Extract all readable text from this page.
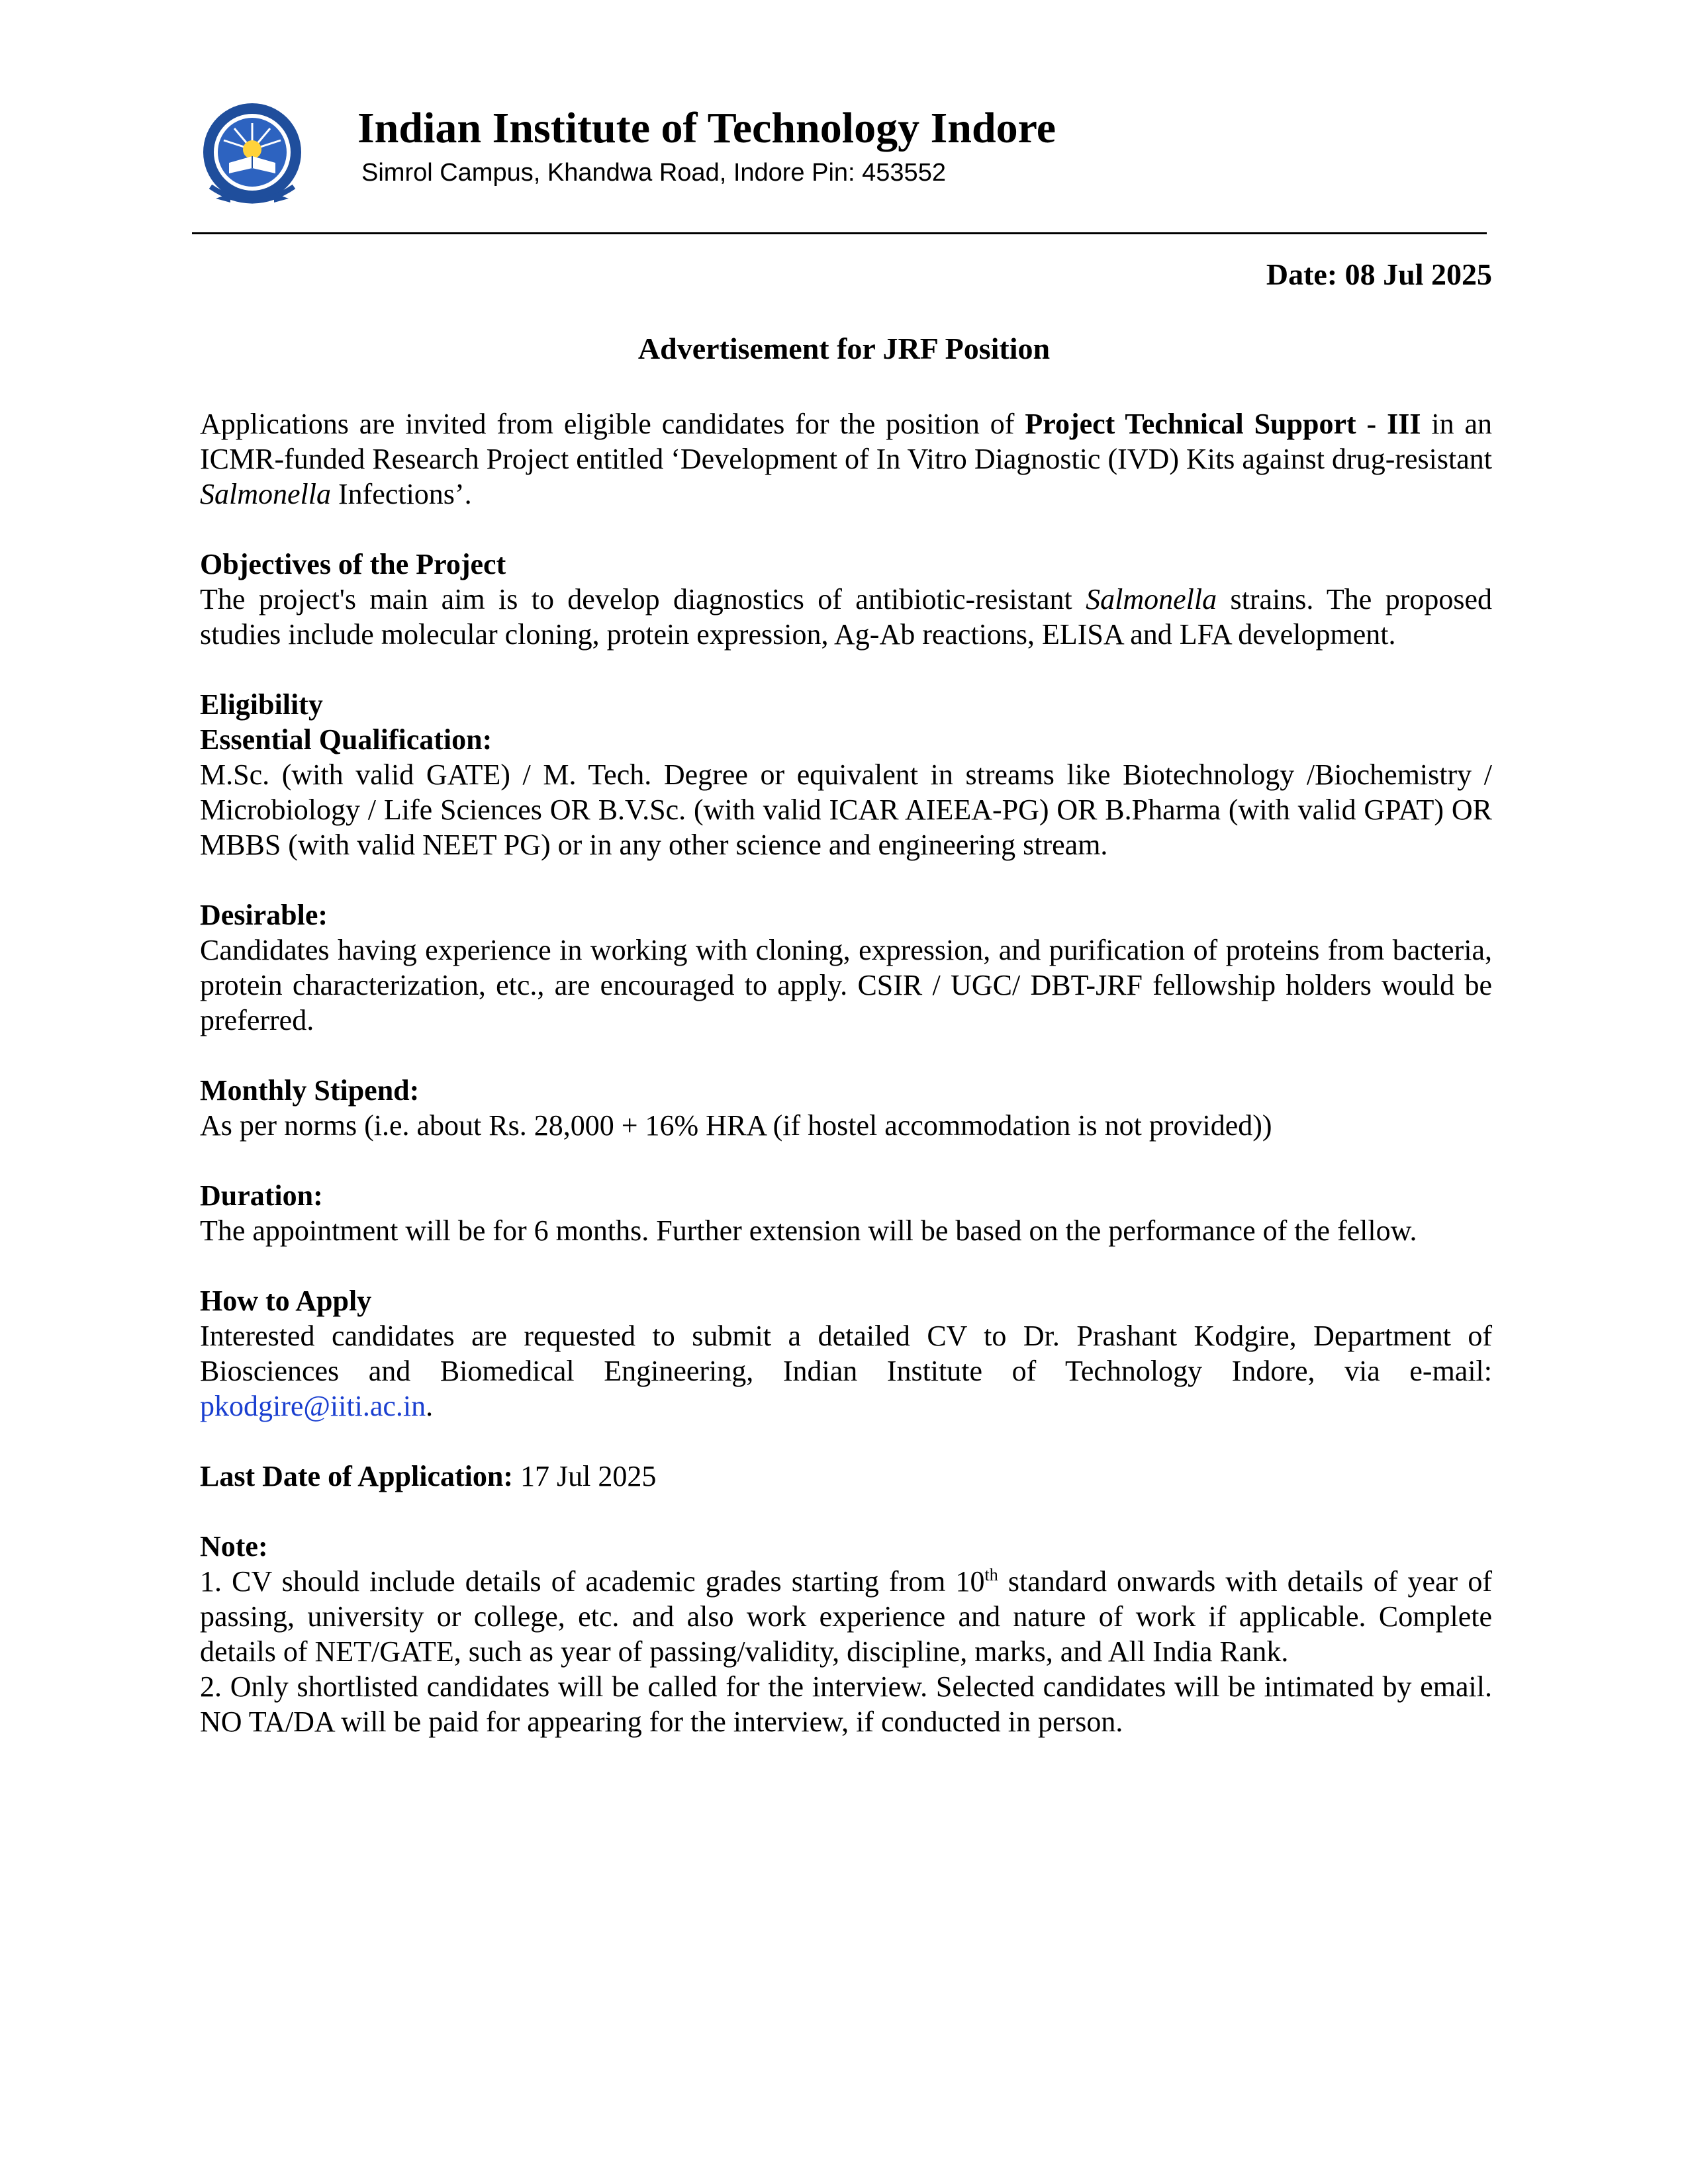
Indian Institute of Technology Indore
Simrol Campus, Khandwa Road, Indore Pin: 453552
Date: 08 Jul 2025
Advertisement for JRF Position

Applications are invited from eligible candidates for the position of Project Technical Support - III in an ICMR-funded Research Project entitled ‘Development of In Vitro Diagnostic (IVD) Kits against drug-resistant Salmonella Infections’.

Objectives of the Project

The project's main aim is to develop diagnostics of antibiotic-resistant Salmonella strains. The proposed studies include molecular cloning, protein expression, Ag-Ab reactions, ELISA and LFA development.

Eligibility

Essential Qualification:

M.Sc. (with valid GATE) / M. Tech. Degree or equivalent in streams like Biotechnology /Biochemistry / Microbiology / Life Sciences OR B.V.Sc. (with valid ICAR AIEEA-PG) OR B.Pharma (with valid GPAT) OR MBBS (with valid NEET PG) or in any other science and engineering stream.

Desirable:

Candidates having experience in working with cloning, expression, and purification of proteins from bacteria, protein characterization, etc., are encouraged to apply. CSIR / UGC/ DBT-JRF fellowship holders would be preferred.

Monthly Stipend:

As per norms (i.e. about Rs. 28,000 + 16% HRA (if hostel accommodation is not provided))

Duration:

The appointment will be for 6 months. Further extension will be based on the performance of the fellow.

How to Apply

Interested candidates are requested to submit a detailed CV to Dr. Prashant Kodgire, Department of Biosciences and Biomedical Engineering, Indian Institute of Technology Indore, via e-mail: pkodgire@iiti.ac.in.

Last Date of Application: 17 Jul 2025

Note:

1. CV should include details of academic grades starting from 10th standard onwards with details of year of passing, university or college, etc. and also work experience and nature of work if applicable. Complete details of NET/GATE, such as year of passing/validity, discipline, marks, and All India Rank.

2. Only shortlisted candidates will be called for the interview. Selected candidates will be intimated by email. NO TA/DA will be paid for appearing for the interview, if conducted in person.
